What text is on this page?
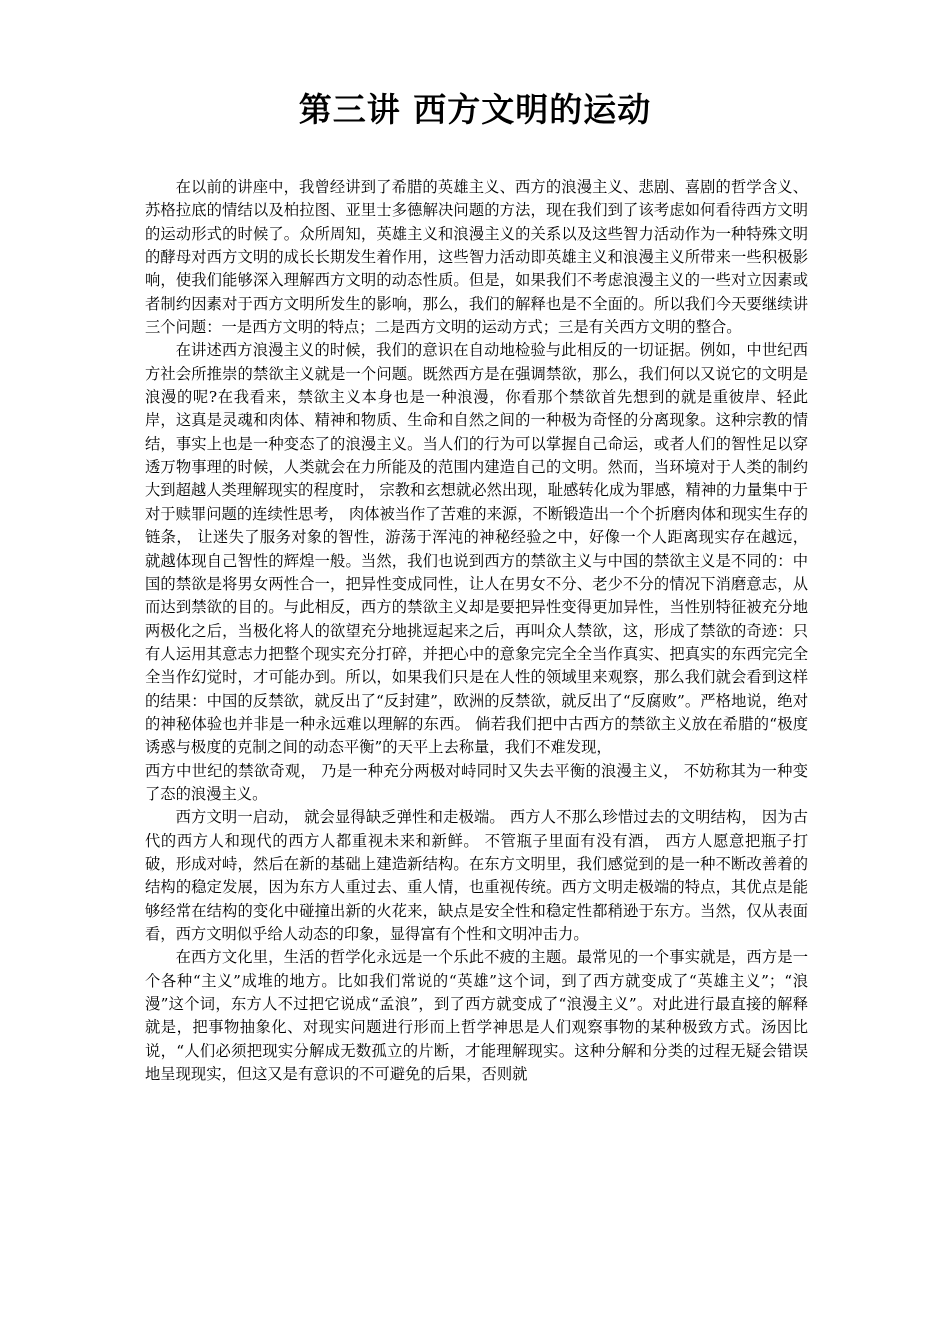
第三讲 西方文明的运动

在以前的讲座中，我曾经讲到了希腊的英雄主义、西方的浪漫主义、悲剧、喜剧的哲学含义、苏格拉底的情结以及柏拉图、亚里士多德解决问题的方法，现在我们到了该考虑如何看待西方文明的运动形式的时候了。众所周知，英雄主义和浪漫主义的关系以及这些智力活动作为一种特殊文明的酵母对西方文明的成长长期发生着作用，这些智力活动即英雄主义和浪漫主义所带来一些积极影响，使我们能够深入理解西方文明的动态性质。但是，如果我们不考虑浪漫主义的一些对立因素或者制约因素对于西方文明所发生的影响，那么，我们的解释也是不全面的。所以我们今天要继续讲三个问题：一是西方文明的特点；二是西方文明的运动方式；三是有关西方文明的整合。

在讲述西方浪漫主义的时候，我们的意识在自动地检验与此相反的一切证据。例如，中世纪西方社会所推崇的禁欲主义就是一个问题。既然西方是在强调禁欲，那么，我们何以又说它的文明是浪漫的呢?在我看来，禁欲主义本身也是一种浪漫，你看那个禁欲首先想到的就是重彼岸、轻此岸，这真是灵魂和肉体、精神和物质、生命和自然之间的一种极为奇怪的分离现象。这种宗教的情结，事实上也是一种变态了的浪漫主义。当人们的行为可以掌握自己命运，或者人们的智性足以穿透万物事理的时候，人类就会在力所能及的范围内建造自己的文明。然而，当环境对于人类的制约大到超越人类理解现实的程度时， 宗教和玄想就必然出现，耻感转化成为罪感，精神的力量集中于对于赎罪问题的连续性思考， 肉体被当作了苦难的来源，不断锻造出一个个折磨肉体和现实生存的链条， 让迷失了服务对象的智性，游荡于浑沌的神秘经验之中，好像一个人距离现实存在越远， 就越体现自己智性的辉煌一般。当然，我们也说到西方的禁欲主义与中国的禁欲主义是不同的：中国的禁欲是将男女两性合一，把异性变成同性，让人在男女不分、老少不分的情况下消磨意志，从而达到禁欲的目的。与此相反，西方的禁欲主义却是要把异性变得更加异性，当性别特征被充分地两极化之后，当极化将人的欲望充分地挑逗起来之后，再叫众人禁欲，这，形成了禁欲的奇迹：只有人运用其意志力把整个现实充分打碎，并把心中的意象完完全全当作真实、把真实的东西完完全全当作幻觉时，才可能办到。所以，如果我们只是在人性的领域里来观察，那么我们就会看到这样的结果：中国的反禁欲，就反出了“反封建”，欧洲的反禁欲，就反出了“反腐败”。严格地说，绝对的神秘体验也并非是一种永远难以理解的东西。 倘若我们把中古西方的禁欲主义放在希腊的“极度诱惑与极度的克制之间的动态平衡”的天平上去称量，我们不难发现，

西方中世纪的禁欲奇观， 乃是一种充分两极对峙同时又失去平衡的浪漫主义， 不妨称其为一种变了态的浪漫主义。

西方文明一启动， 就会显得缺乏弹性和走极端。 西方人不那么珍惜过去的文明结构， 因为古代的西方人和现代的西方人都重视未来和新鲜。 不管瓶子里面有没有酒， 西方人愿意把瓶子打破，形成对峙，然后在新的基础上建造新结构。在东方文明里，我们感觉到的是一种不断改善着的结构的稳定发展，因为东方人重过去、重人情，也重视传统。西方文明走极端的特点，其优点是能够经常在结构的变化中碰撞出新的火花来，缺点是安全性和稳定性都稍逊于东方。当然，仅从表面看，西方文明似乎给人动态的印象，显得富有个性和文明冲击力。

在西方文化里，生活的哲学化永远是一个乐此不疲的主题。最常见的一个事实就是，西方是一个各种“主义”成堆的地方。比如我们常说的“英雄”这个词，到了西方就变成了“英雄主义”；“浪漫”这个词，东方人不过把它说成“孟浪”，到了西方就变成了“浪漫主义”。对此进行最直接的解释就是，把事物抽象化、对现实问题进行形而上哲学神思是人们观察事物的某种极致方式。汤因比说，“人们必须把现实分解成无数孤立的片断，才能理解现实。这种分解和分类的过程无疑会错误地呈现现实，但这又是有意识的不可避免的后果，否则就
